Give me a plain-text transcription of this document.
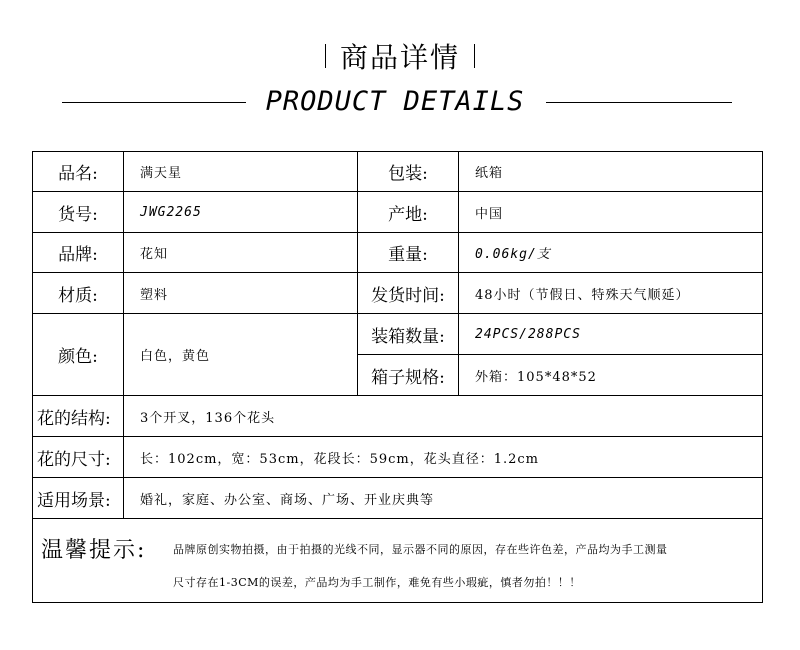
商品详情
PRODUCT DETAILS
品名:	满天星	包装:	纸箱
货号:	JWG2265	产地:	中国
品牌:	花知	重量:	0.06kg/支
材质:	塑料	发货时间:	48小时（节假日、特殊天气顺延）
颜色:	白色，黄色	装箱数量:	24PCS/288PCS
		箱子规格:	外箱：105*48*52
花的结构:	3个开叉，136个花头		
花的尺寸:	长：102cm，宽：53cm，花段长：59cm，花头直径：1.2cm		
适用场景:	婚礼，家庭、办公室、商场、广场、开业庆典等		

温馨提示: 品牌原创实物拍摄，由于拍摄的光线不同，显示器不同的原因，存在些许色差，产品均为手工测量
尺寸存在1-3CM的误差，产品均为手工制作，难免有些小瑕疵，慎者勿拍！！！			
